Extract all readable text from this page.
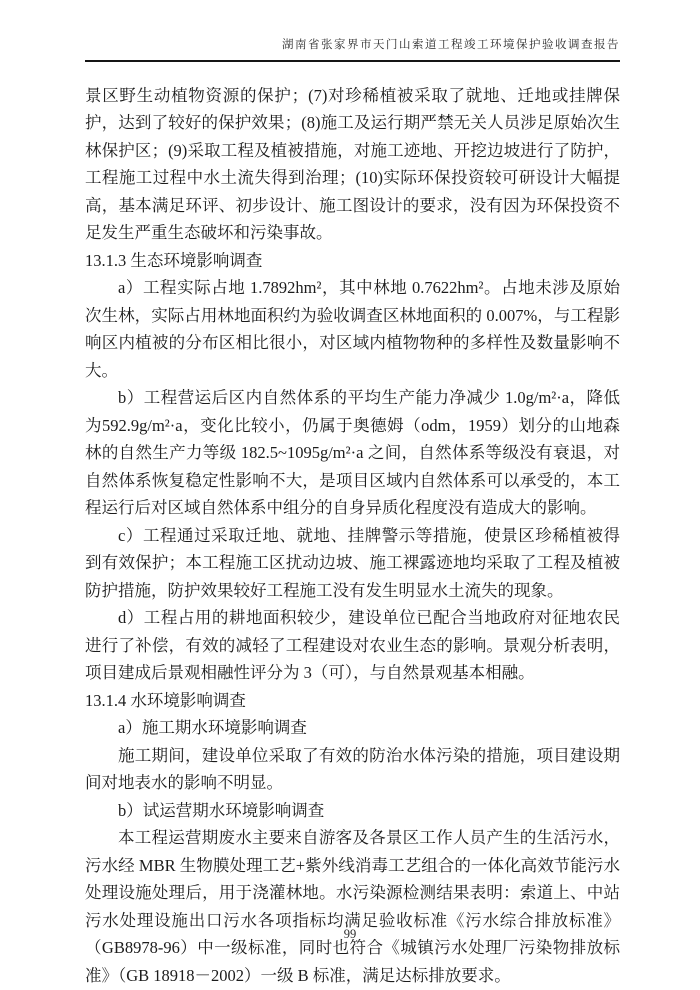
湖南省张家界市天门山索道工程竣工环境保护验收调查报告

景区野生动植物资源的保护；(7)对珍稀植被采取了就地、迁地或挂牌保护，达到了较好的保护效果；(8)施工及运行期严禁无关人员涉足原始次生林保护区；(9)采取工程及植被措施，对施工迹地、开挖边坡进行了防护，工程施工过程中水土流失得到治理；(10)实际环保投资较可研设计大幅提高，基本满足环评、初步设计、施工图设计的要求，没有因为环保投资不足发生严重生态破坏和污染事故。

13.1.3 生态环境影响调查

a）工程实际占地 1.7892hm²，其中林地 0.7622hm²。占地未涉及原始次生林，实际占用林地面积约为验收调查区林地面积的 0.007%，与工程影响区内植被的分布区相比很小，对区域内植物物种的多样性及数量影响不大。

b）工程营运后区内自然体系的平均生产能力净减少 1.0g/m²·a，降低为592.9g/m²·a，变化比较小，仍属于奥德姆（odm，1959）划分的山地森林的自然生产力等级 182.5~1095g/m²·a 之间，自然体系等级没有衰退，对自然体系恢复稳定性影响不大，是项目区域内自然体系可以承受的，本工程运行后对区域自然体系中组分的自身异质化程度没有造成大的影响。

c）工程通过采取迁地、就地、挂牌警示等措施，使景区珍稀植被得到有效保护；本工程施工区扰动边坡、施工裸露迹地均采取了工程及植被防护措施，防护效果较好工程施工没有发生明显水土流失的现象。

d）工程占用的耕地面积较少，建设单位已配合当地政府对征地农民进行了补偿，有效的减轻了工程建设对农业生态的影响。景观分析表明，项目建成后景观相融性评分为 3（可），与自然景观基本相融。

13.1.4 水环境影响调查

a）施工期水环境影响调查

施工期间，建设单位采取了有效的防治水体污染的措施，项目建设期间对地表水的影响不明显。

b）试运营期水环境影响调查

本工程运营期废水主要来自游客及各景区工作人员产生的生活污水，污水经 MBR 生物膜处理工艺+紫外线消毒工艺组合的一体化高效节能污水处理设施处理后，用于浇灌林地。水污染源检测结果表明：索道上、中站污水处理设施出口污水各项指标均满足验收标准《污水综合排放标准》（GB8978-96）中一级标准，同时也符合《城镇污水处理厂污染物排放标准》（GB 18918－2002）一级 B 标准，满足达标排放要求。

99
